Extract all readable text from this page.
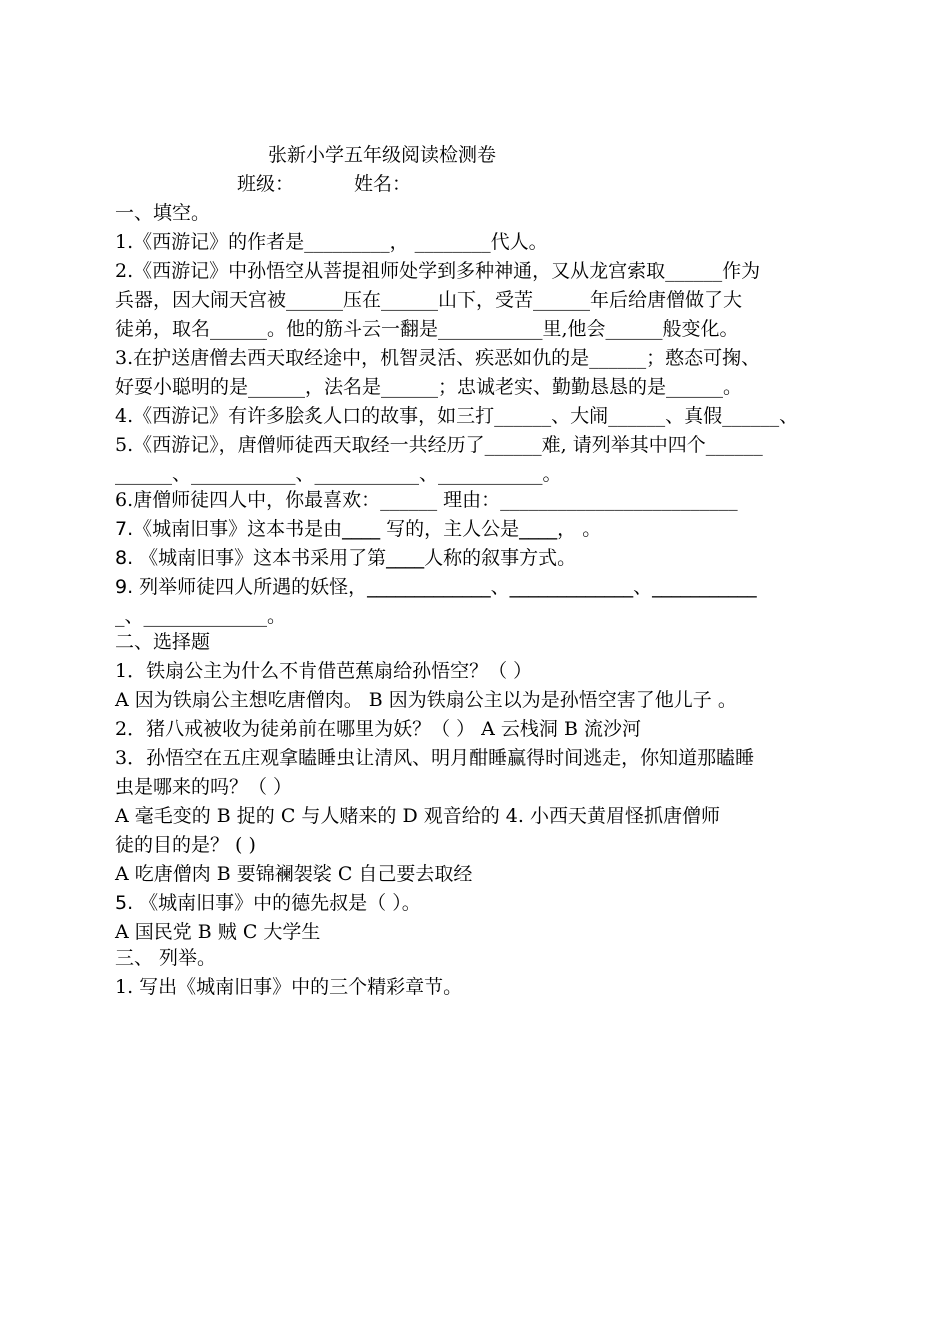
张新小学五年级阅读检测卷
班级：	姓名：
一、填空。
1.《西游记》的作者是_________， ________代人。
2.《西游记》中孙悟空从菩提祖师处学到多种神通，又从龙宫索取______作为
兵器，因大闹天宫被______压在______山下，受苦______年后给唐僧做了大
徒弟，取名______。他的筋斗云一翻是___________里,他会______般变化。
3.在护送唐僧去西天取经途中，机智灵活、疾恶如仇的是______；憨态可掬、
好耍小聪明的是______，法名是______；忠诚老实、勤勤恳恳的是______。
4.《西游记》有许多脍炙人口的故事，如三打______、大闹______、真假______、
5.《西游记》，唐僧师徒西天取经一共经历了______难, 请列举其中四个______
______、___________、___________、___________。
6.唐僧师徒四人中，你最喜欢：______ 理由：_________________________
7.《城南旧事》这本书是由____ 写的，主人公是____， 。
8. 《城南旧事》这本书采用了第____人称的叙事方式。
9. 列举师徒四人所遇的妖怪，_____________、_____________、___________
_、_____________。
二、选择题
1．铁扇公主为什么不肯借芭蕉扇给孙悟空？（ ）
A 因为铁扇公主想吃唐僧肉。 B 因为铁扇公主以为是孙悟空害了他儿子 。
2．猪八戒被收为徒弟前在哪里为妖？（ ） A 云栈洞 B 流沙河
3．孙悟空在五庄观拿瞌睡虫让清风、明月酣睡赢得时间逃走，你知道那瞌睡
虫是哪来的吗？（ ）
A 毫毛变的 B 捉的 C 与人赌来的 D 观音给的 4. 小西天黄眉怪抓唐僧师
徒的目的是？ ( )
A 吃唐僧肉 B 要锦襕袈裟 C 自己要去取经
5. 《城南旧事》中的德先叔是（ ）。
A 国民党 B 贼 C 大学生
三、 列举。
1. 写出《城南旧事》中的三个精彩章节。
